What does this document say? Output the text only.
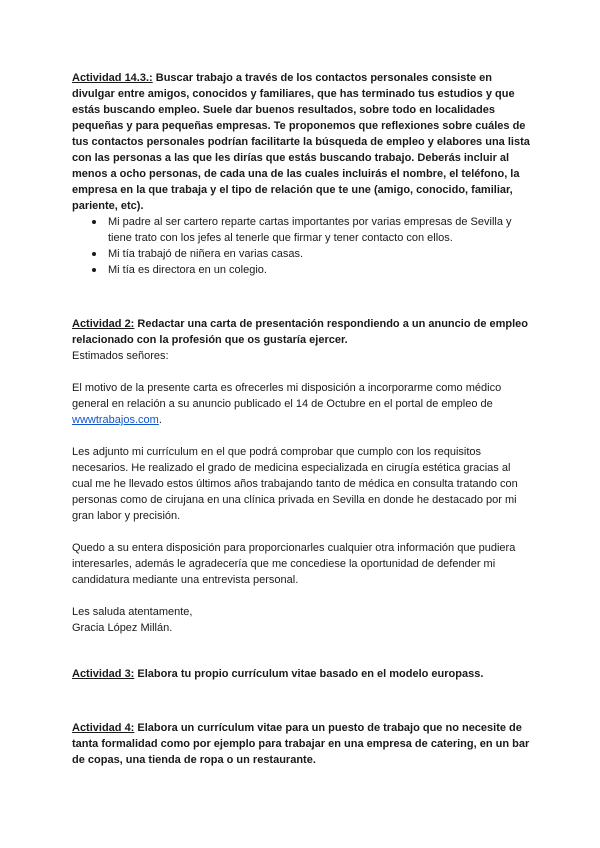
Actividad 14.3.: Buscar trabajo a través de los contactos personales consiste en divulgar entre amigos, conocidos y familiares, que has terminado tus estudios y que estás buscando empleo. Suele dar buenos resultados, sobre todo en localidades pequeñas y para pequeñas empresas. Te proponemos que reflexiones sobre cuáles de tus contactos personales podrían facilitarte la búsqueda de empleo y elabores una lista con las personas a las que les dirías que estás buscando trabajo. Deberás incluir al menos a ocho personas, de cada una de las cuales incluirás el nombre, el teléfono, la empresa en la que trabaja y el tipo de relación que te une (amigo, conocido, familiar, pariente, etc).

Mi padre al ser cartero reparte cartas importantes por varias empresas de Sevilla y tiene trato con los jefes al tenerle que firmar y tener contacto con ellos.
Mi tía trabajó de niñera en varias casas.
Mi tía es directora en un colegio.

Actividad 2: Redactar una carta de presentación respondiendo a un anuncio de empleo relacionado con la profesión que os gustaría ejercer.

Estimados señores:

El motivo de la presente carta es ofrecerles mi disposición a incorporarme como médico general en relación a su anuncio publicado el 14 de Octubre en el portal de empleo de wwwtrabajos.com.

Les adjunto mi currículum en el que podrá comprobar que cumplo con los requisitos necesarios. He realizado el grado de medicina especializada en cirugía estética gracias al cual me he llevado estos últimos años trabajando tanto de médica en consulta tratando con personas como de cirujana en una clínica privada en Sevilla en donde he destacado por mi gran labor y precisión.

Quedo a su entera disposición para proporcionarles cualquier otra información que pudiera interesarles, además le agradecería que me concediese la oportunidad de defender mi candidatura mediante una entrevista personal.

Les saluda atentamente,

Gracia López Millán.

Actividad 3: Elabora tu propio currículum vitae basado en el modelo europass.

Actividad 4: Elabora un currículum vitae para un puesto de trabajo que no necesite de tanta formalidad como por ejemplo para trabajar en una empresa de catering, en un bar de copas, una tienda de ropa o un restaurante.
